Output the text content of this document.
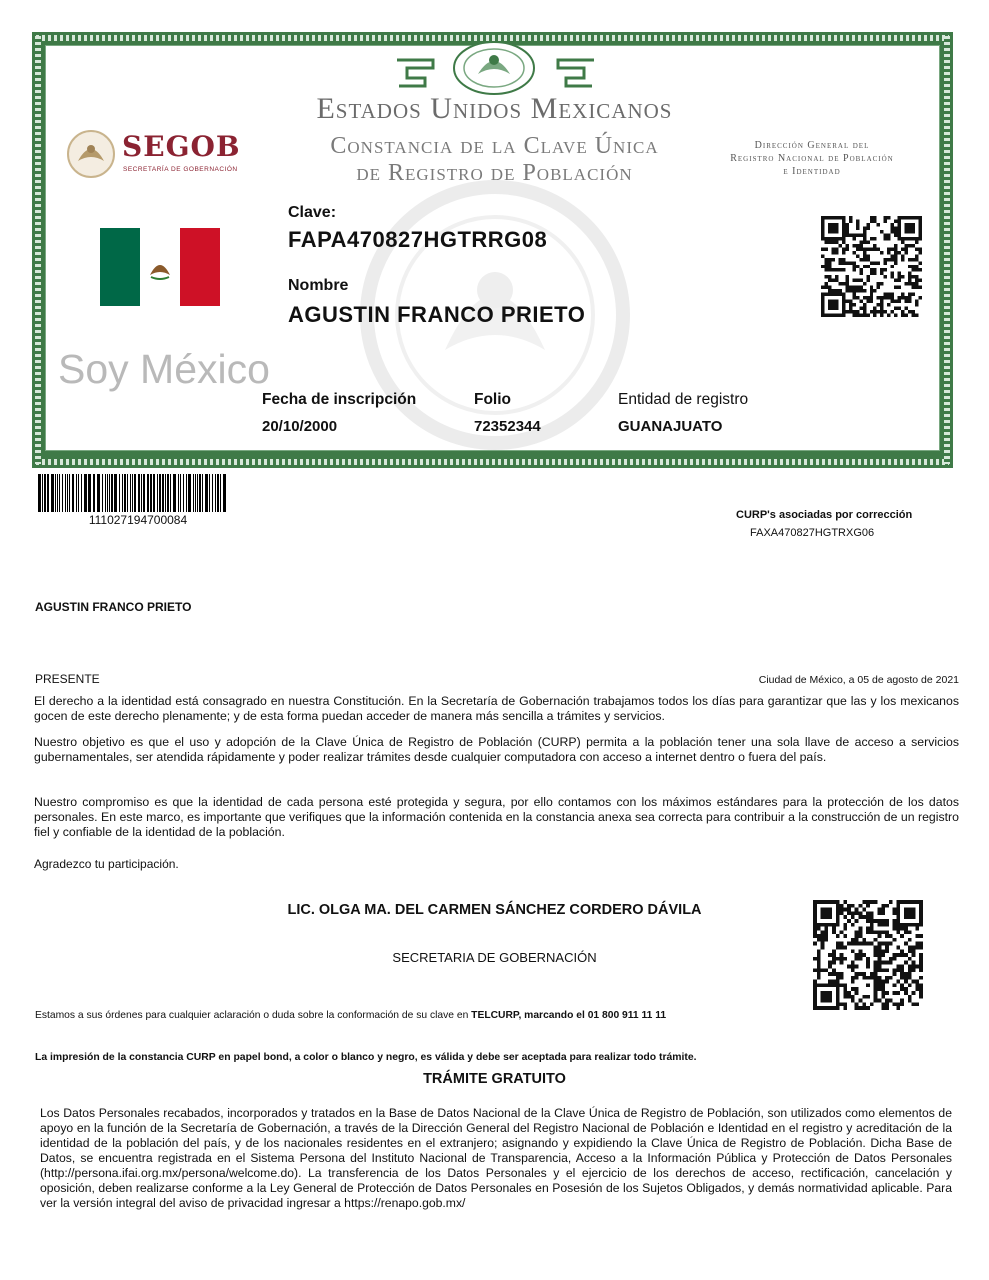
Estados Unidos Mexicanos
Constancia de la Clave Única
de Registro de Población
Dirección General del
Registro Nacional de Población
e Identidad
SEGOB
SECRETARÍA DE GOBERNACIÓN
Soy México
Clave:
FAPA470827HGTRRG08
Nombre
AGUSTIN FRANCO PRIETO
Fecha de inscripción
20/10/2000
Folio
72352344
Entidad de registro
GUANAJUATO
111027194700084	CURP's asociadas por corrección
FAXA470827HGTRXG06
AGUSTIN FRANCO PRIETO
PRESENTE	Ciudad de México, a 05 de agosto de 2021
El derecho a la identidad está consagrado en nuestra Constitución. En la Secretaría de Gobernación trabajamos todos los días para garantizar que las y los mexicanos gocen de este derecho plenamente; y de esta forma puedan acceder de manera más sencilla a trámites y servicios.
Nuestro objetivo es que el uso y adopción de la Clave Única de Registro de Población (CURP) permita a la población tener una sola llave de acceso a servicios gubernamentales, ser atendida rápidamente y poder realizar trámites desde cualquier computadora con acceso a internet dentro o fuera del país.
Nuestro compromiso es que la identidad de cada persona esté protegida y segura, por ello contamos con los máximos estándares para la protección de los datos personales. En este marco, es importante que verifiques que la información contenida en la constancia anexa sea correcta para contribuir a la construcción de un registro fiel y confiable de la identidad de la población.
Agradezco tu participación.
LIC. OLGA MA. DEL CARMEN SÁNCHEZ CORDERO DÁVILA
SECRETARIA DE GOBERNACIÓN
Estamos a sus órdenes para cualquier aclaración o duda sobre la conformación de su clave en TELCURP, marcando el 01 800 911 11 11
La impresión de la constancia CURP en papel bond, a color o blanco y negro, es válida y debe ser aceptada para realizar todo trámite.
TRÁMITE GRATUITO
Los Datos Personales recabados, incorporados y tratados en la Base de Datos Nacional de la Clave Única de Registro de Población, son utilizados como elementos de apoyo en la función de la Secretaría de Gobernación, a través de la Dirección General del Registro Nacional de Población e Identidad en el registro y acreditación de la identidad de la población del país, y de los nacionales residentes en el extranjero; asignando y expidiendo la Clave Única de Registro de Población. Dicha Base de Datos, se encuentra registrada en el Sistema Persona del Instituto Nacional de Transparencia, Acceso a la Información Pública y Protección de Datos Personales (http://persona.ifai.org.mx/persona/welcome.do). La transferencia de los Datos Personales y el ejercicio de los derechos de acceso, rectificación, cancelación y oposición, deben realizarse conforme a la Ley General de Protección de Datos Personales en Posesión de los Sujetos Obligados, y demás normatividad aplicable. Para ver la versión integral del aviso de privacidad ingresar a https://renapo.gob.mx/
